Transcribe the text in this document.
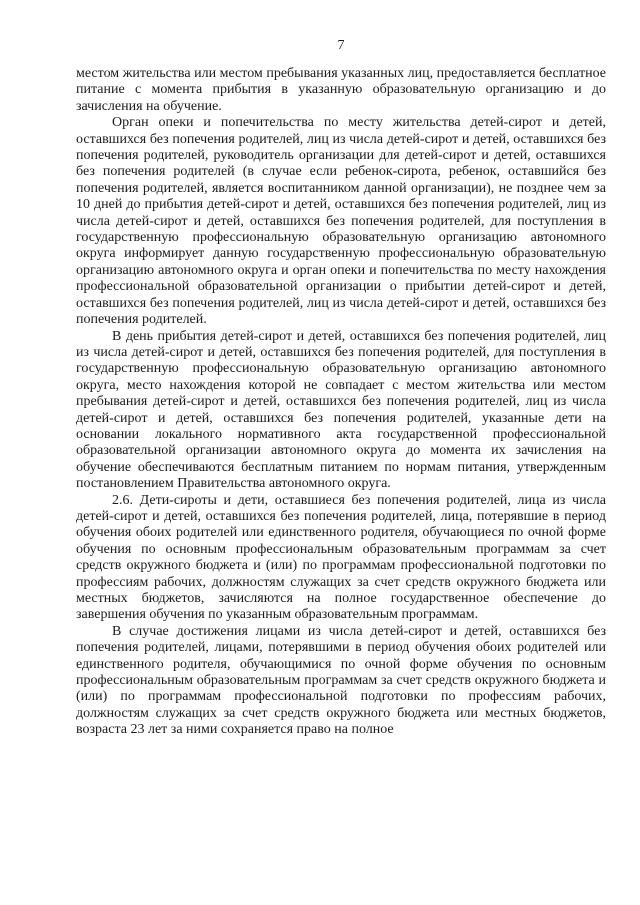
7

местом жительства или местом пребывания указанных лиц, предоставляется бесплатное питание с момента прибытия в указанную образовательную организацию и до зачисления на обучение.

Орган опеки и попечительства по месту жительства детей-сирот и детей, оставшихся без попечения родителей, лиц из числа детей-сирот и детей, оставшихся без попечения родителей, руководитель организации для детей-сирот и детей, оставшихся без попечения родителей (в случае если ребенок-сирота, ребенок, оставшийся без попечения родителей, является воспитанником данной организации), не позднее чем за 10 дней до прибытия детей-сирот и детей, оставшихся без попечения родителей, лиц из числа детей-сирот и детей, оставшихся без попечения родителей, для поступления в государственную профессиональную образовательную организацию автономного округа информирует данную государственную профессиональную образовательную организацию автономного округа и орган опеки и попечительства по месту нахождения профессиональной образовательной организации о прибытии детей-сирот и детей, оставшихся без попечения родителей, лиц из числа детей-сирот и детей, оставшихся без попечения родителей.

В день прибытия детей-сирот и детей, оставшихся без попечения родителей, лиц из числа детей-сирот и детей, оставшихся без попечения родителей, для поступления в государственную профессиональную образовательную организацию автономного округа, место нахождения которой не совпадает с местом жительства или местом пребывания детей-сирот и детей, оставшихся без попечения родителей, лиц из числа детей-сирот и детей, оставшихся без попечения родителей, указанные дети на основании локального нормативного акта государственной профессиональной образовательной организации автономного округа до момента их зачисления на обучение обеспечиваются бесплатным питанием по нормам питания, утвержденным постановлением Правительства автономного округа.

2.6. Дети-сироты и дети, оставшиеся без попечения родителей, лица из числа детей-сирот и детей, оставшихся без попечения родителей, лица, потерявшие в период обучения обоих родителей или единственного родителя, обучающиеся по очной форме обучения по основным профессиональным образовательным программам за счет средств окружного бюджета и (или) по программам профессиональной подготовки по профессиям рабочих, должностям служащих за счет средств окружного бюджета или местных бюджетов, зачисляются на полное государственное обеспечение до завершения обучения по указанным образовательным программам.

В случае достижения лицами из числа детей-сирот и детей, оставшихся без попечения родителей, лицами, потерявшими в период обучения обоих родителей или единственного родителя, обучающимися по очной форме обучения по основным профессиональным образовательным программам за счет средств окружного бюджета и (или) по программам профессиональной подготовки по профессиям рабочих, должностям служащих за счет средств окружного бюджета или местных бюджетов, возраста 23 лет за ними сохраняется право на полное
